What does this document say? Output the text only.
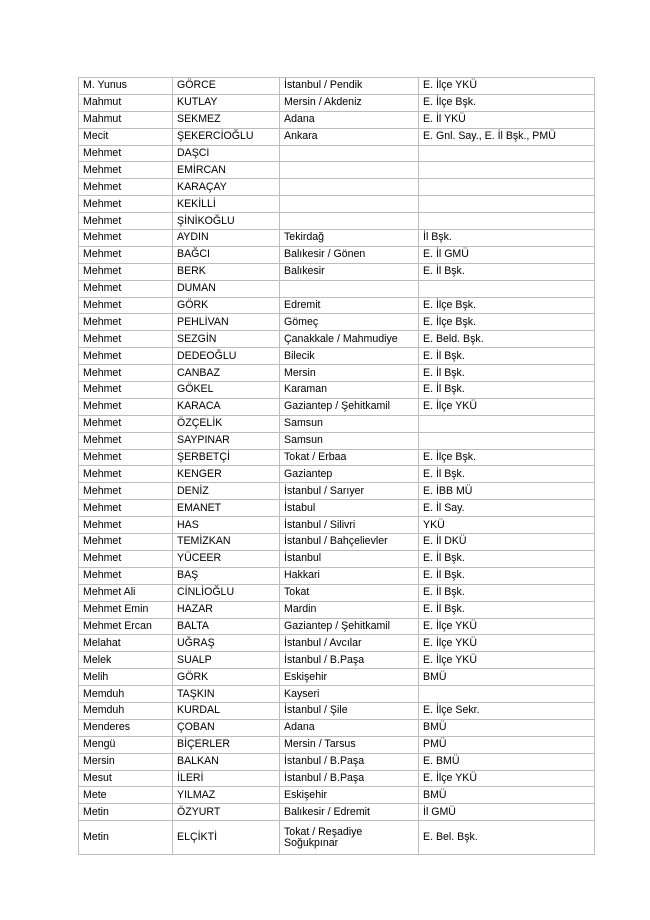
M. Yunus	GÖRCE	İstanbul / Pendik	E. İlçe YKÜ
Mahmut	KUTLAY	Mersin / Akdeniz	E. İlçe Bşk.
Mahmut	SEKMEZ	Adana	E. İl YKÜ
Mecit	ŞEKERCİOĞLU	Ankara	E. Gnl. Say., E. İl Bşk., PMÜ
Mehmet	DAŞCI		
Mehmet	EMİRCAN		
Mehmet	KARAÇAY		
Mehmet	KEKİLLİ		
Mehmet	ŞİNİKOĞLU		
Mehmet	AYDIN	Tekirdağ	İl Bşk.
Mehmet	BAĞCI	Balıkesir / Gönen	E. İl GMÜ
Mehmet	BERK	Balıkesir	E. İl Bşk.
Mehmet	DUMAN		
Mehmet	GÖRK	Edremit	E. İlçe Bşk.
Mehmet	PEHLİVAN	Gömeç	E. İlçe Bşk.
Mehmet	SEZGİN	Çanakkale / Mahmudiye	E. Beld. Bşk.
Mehmet	DEDEOĞLU	Bilecik	E. İl Bşk.
Mehmet	CANBAZ	Mersin	E. İl Bşk.
Mehmet	GÖKEL	Karaman	E. İl Bşk.
Mehmet	KARACA	Gaziantep / Şehitkamil	E. İlçe YKÜ
Mehmet	ÖZÇELİK	Samsun	
Mehmet	SAYPINAR	Samsun	
Mehmet	ŞERBETÇİ	Tokat / Erbaa	E. İlçe Bşk.
Mehmet	KENGER	Gaziantep	E. İl Bşk.
Mehmet	DENİZ	İstanbul / Sarıyer	E. İBB MÜ
Mehmet	EMANET	İstabul	E. İl Say.
Mehmet	HAS	İstanbul / Silivri	YKÜ
Mehmet	TEMİZKAN	İstanbul / Bahçelievler	E. İl DKÜ
Mehmet	YÜCEER	İstanbul	E. İl Bşk.
Mehmet	BAŞ	Hakkari	E. İl Bşk.
Mehmet Ali	CİNLİOĞLU	Tokat	E. İl Bşk.
Mehmet Emin	HAZAR	Mardin	E. İl Bşk.
Mehmet Ercan	BALTA	Gaziantep / Şehitkamil	E. İlçe YKÜ
Melahat	UĞRAŞ	İstanbul / Avcılar	E. İlçe YKÜ
Melek	SUALP	İstanbul / B.Paşa	E. İlçe YKÜ
Melih	GÖRK	Eskişehir	BMÜ
Memduh	TAŞKIN	Kayseri	
Memduh	KURDAL	İstanbul / Şile	E. İlçe Sekr.
Menderes	ÇOBAN	Adana	BMÜ
Mengü	BİÇERLER	Mersin / Tarsus	PMÜ
Mersin	BALKAN	İstanbul / B.Paşa	E. BMÜ
Mesut	İLERİ	İstanbul / B.Paşa	E. İlçe YKÜ
Mete	YILMAZ	Eskişehir	BMÜ
Metin	ÖZYURT	Balıkesir / Edremit	İl GMÜ
Metin	ELÇİKTİ	Tokat / Reşadiye Soğukpınar	E. Bel. Bşk.
